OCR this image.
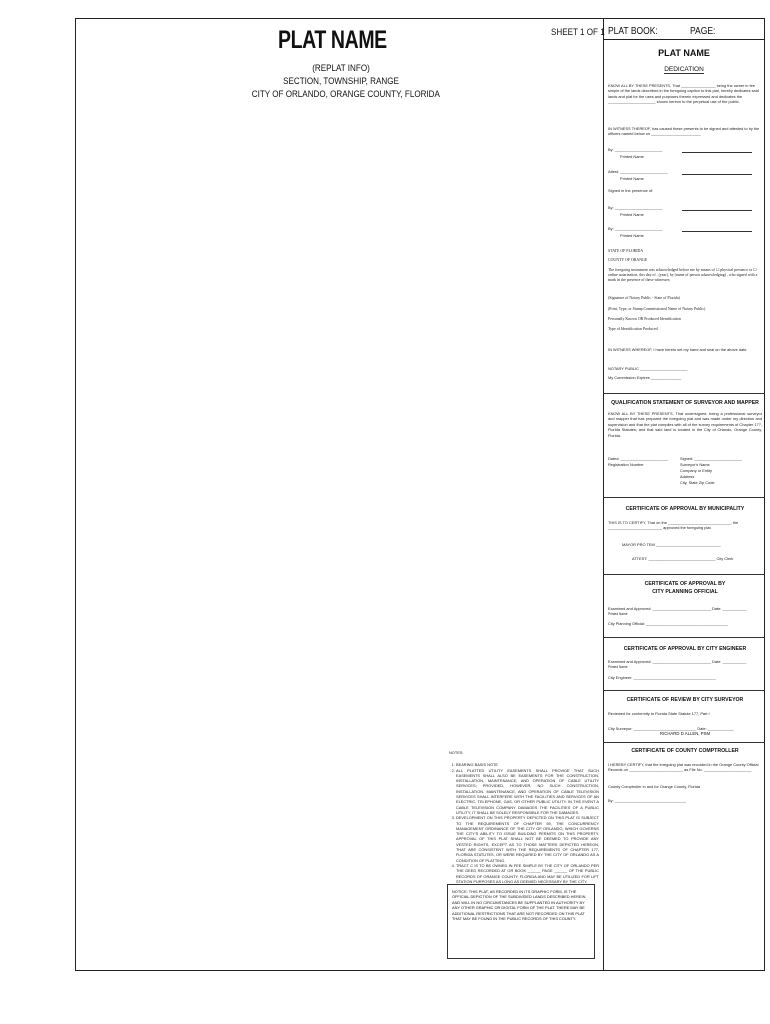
PLAT NAME	SHEET 1 OF 1 PLAT BOOK:	PAGE:
(REPLAT INFO)
SECTION, TOWNSHIP, RANGE
CITY OF ORLANDO, ORANGE COUNTY, FLORIDA
PLAT NAME
DEDICATION
KNOW ALL BY THESE PRESENTS, That ________________ being the owner in fee simple of the lands described in the foregoing caption to this plat, hereby dedicates said lands and plat for the uses and purposes therein expressed and dedicates the ______________________ shown hereon to the perpetual use of the public.
IN WITNESS THEREOF, has caused these presents to be signed and attested to by the officers named below on _______________________
By: ______________________
Printed Name
Attest: ______________________
Printed Name
Signed in the presence of:
By: ______________________
Printed Name
By: ______________________
Printed Name
STATE OF FLORIDA
COUNTY OF ORANGE
The foregoing instrument was acknowledged before me by means of ☐ physical presence or ☐ online notarization, this day of , (year), by (name of person acknowledging) , who signed with a mark in the presence of these witnesses:
(Signature of Notary Public - State of Florida)
(Print, Type, or Stamp Commissioned Name of Notary Public)
Personally Known OR Produced Identification
Type of Identification Produced
IN WITNESS WHEREOF, I have hereto set my hand and seal on the above date.
NOTARY PUBLIC ______________________
My Commission Expires ______________
QUALIFICATION STATEMENT OF SURVEYOR AND MAPPER
KNOW ALL BY THESE PRESENTS, That undersigned, being a professional surveyor and mapper that has prepared the foregoing plat and was made under my direction and supervision and that the plat complies with all of the survey requirements of Chapter 177, Florida Statutes; and that said land is located in the City of Orlando, Orange County, Florida.
Dated: ______________________
Registration Number
Signed: ______________________
Surveyor's Name
Company or Entity
Address
City, State Zip Code
CERTIFICATE OF APPROVAL BY MUNICIPALITY
THIS IS TO CERTIFY, That on the _____________________________, the _________________________ approved the foregoing plat.
MAYOR PRO TEM ______________________________
ATTEST: _______________________________ City Clerk
CERTIFICATE OF APPROVAL BY
CITY PLANNING OFFICIAL
Examined and Approved: ___________________________ Date: ___________
Printed Name
City Planning Official: ______________________________________
CERTIFICATE OF APPROVAL BY CITY ENGINEER
Examined and Approved: ___________________________ Date: ___________
Printed Name
City Engineer: ______________________________________
CERTIFICATE OF REVIEW BY CITY SURVEYOR
Reviewed for conformity to Florida State Statute 177, Part I
City Surveyor: _____________________________ Date: ____________
RICHARD D ALLEN, PSM
CERTIFICATE OF COUNTY COMPTROLLER
I HEREBY CERTIFY, that the foregoing plat was recorded in the Orange County Official Records on _________________________ as File No. ______________________
County Comptroller in and for Orange County, Florida
By: _________________________________
NOTES:
1. BEARING BASIS NOTE
2. ALL PLATTED UTILITY EASEMENTS SHALL PROVIDE THAT SUCH EASEMENTS SHALL ALSO BE EASEMENTS FOR THE CONSTRUCTION, INSTALLATION, MAINTENANCE, AND OPERATION OF CABLE UTILITY SERVICES; PROVIDED, HOWEVER, NO SUCH CONSTRUCTION, INSTALLATION, MAINTENANCE, AND OPERATION OF CABLE TELEVISION SERVICES SHALL INTERFERE WITH THE FACILITIES AND SERVICES OF AN ELECTRIC, TELEPHONE, GAS, OR OTHER PUBLIC UTILITY. IN THE EVENT A CABLE TELEVISION COMPANY DAMAGES THE FACILITIES OF A PUBLIC UTILITY, IT SHALL BE SOLELY RESPONSIBLE FOR THE DAMAGES.
3. DEVELOPMENT ON THIS PROPERTY DEPICTED ON THIS PLAT IS SUBJECT TO THE REQUIREMENTS OF CHAPTER 59, THE CONCURRENCY MANAGEMENT ORDINANCE OF THE CITY OF ORLANDO, WHICH GOVERNS THE CITY'S ABILITY TO ISSUE BUILDING PERMITS ON THIS PROPERTY. APPROVAL OF THIS PLAT SHALL NOT BE DEEMED TO PROVIDE ANY VESTED RIGHTS, EXCEPT AS TO THOSE MATTERS DEPICTED HEREON, THAT ARE CONSISTENT WITH THE REQUIREMENTS OF CHAPTER 177, FLORIDA STATUTES, OR WERE REQUIRED BY THE CITY OF ORLANDO AS A CONDITION OF PLATTING.
4. TRACT C IS TO BE OWNED IN FEE SIMPLE BY THE CITY OF ORLANDO PER THE DEED RECORDED AT OR BOOK ______ PAGE ______ OF THE PUBLIC RECORDS OF ORANGE COUNTY, FLORIDA AND MAY BE UTILIZED FOR LIFT STATION PURPOSES AS LONG AS DEEMED NECESSARY BY THE CITY.
NOTICE: THIS PLAT, AS RECORDED IN ITS GRAPHIC FORM, IS THE OFFICIAL DEPICTION OF THE SUBDIVIDED LANDS DESCRIBED HEREIN AND WILL IN NO CIRCUMSTANCES BE SUPPLANTED IN AUTHORITY BY ANY OTHER GRAPHIC OR DIGITAL FORM OF THE PLAT. THERE MAY BE ADDITIONAL RESTRICTIONS THAT ARE NOT RECORDED ON THIS PLAT THAT MAY BE FOUND IN THE PUBLIC RECORDS OF THIS COUNTY.
